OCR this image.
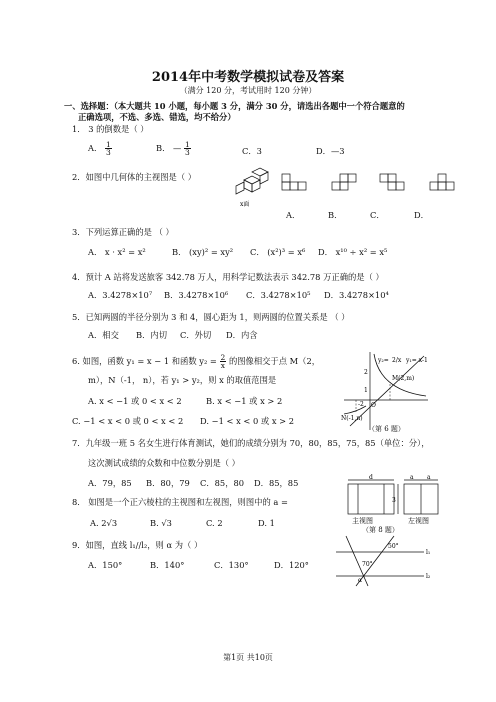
2014年中考数学模拟试卷及答案
（满分 120 分，考试用时 120 分钟）
一、选择题：（本大题共 10 小题，每小题 3 分，满分 30 分，请选出各题中一个符合题意的
正确选项，不选、多选、错选，均不给分）
1． 3 的倒数是（ ）
A． $\frac{1}{3}$	B． — $\frac{1}{3}$	C．3	D．—3
2．如图中几何体的主视图是（ ）
x面
A．	B．	C．	D．
3．下列运算正确的是 （ ）
A． x · x² = x²	B． (xy)² = xy² C． (x²)³ = x⁶ D． x¹⁰ ÷ x² = x⁵
4．预计 A 站将发送旅客 342.78 万人，用科学记数法表示 342.78 万正确的是（ ）
A．3.4278×10⁷ B．3.4278×10⁶ C．3.4278×10⁵ D．3.4278×10⁴
5．已知两圆的半径分别为 3 和 4，圆心距为 1，则两圆的位置关系是 （ ）
A．相交 B．内切 C．外切 D．内含
6. 如图，函数 y₁ = x − 1 和函数 $y_2 = \frac{2}{x}$ 的图像相交于点 M（2，
m），N（-1， n），若 y₁ > y₂，则 x 的取值范围是
A. x < −1 或 0 < x < 2	B. x < −1 或 x > 2
C. −1 < x < 0 或 0 < x < 2 D. −1 < x < 0 或 x > 2
y₂= 2/x y₁= x-1
M(2,m)
N(-1,n)
O
2
1
-2
（第 6 题）
7．九年级一班 5 名女生进行体育测试，她们的成绩分别为 70，80，85，75，85（单位：分），
这次测试成绩的众数和中位数分别是（ ）
A．79，85 B．80，79 C．85，80 D．85，85
8． 如图是一个正六棱柱的主视图和左视图，则图中的 a =
A. 2√3	B. √3	C. 2	D. 1
d	a a
3
主视图	左视图
（第 8 题）
9．如图，直线 l₁//l₂，则 α 为（ ）
A．150°	B．140°	C．130°	D．120°
l₁
l₂
50°
70°
α
第1页 共10页
